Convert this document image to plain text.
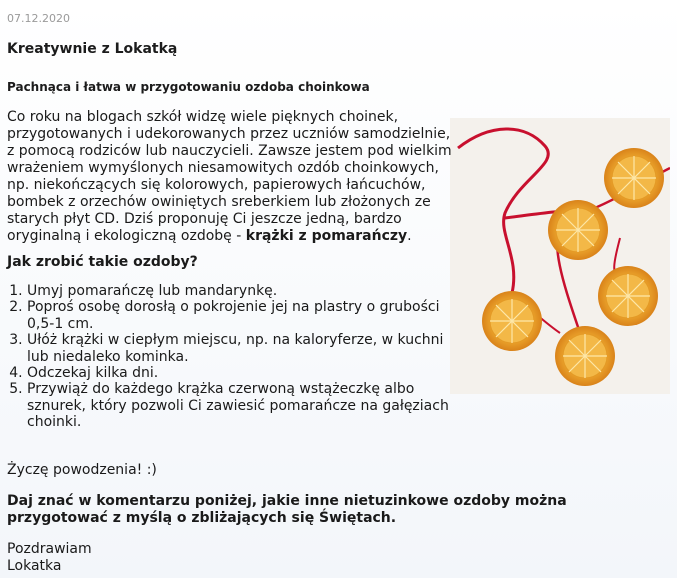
07.12.2020
Kreatywnie z Lokatką
Pachnąca i łatwa w przygotowaniu ozdoba choinkowa

Co roku na blogach szkół widzę wiele pięknych choinek, przygotowanych i udekorowanych przez uczniów samodzielnie, z pomocą rodziców lub nauczycieli. Zawsze jestem pod wielkim wrażeniem wymyślonych niesamowitych ozdób choinkowych, np. niekończących się kolorowych, papierowych łańcuchów, bombek z orzechów owiniętych sreberkiem lub złożonych ze starych płyt CD. Dziś proponuję Ci jeszcze jedną, bardzo oryginalną i ekologiczną ozdobę - krążki z pomarańczy.

Jak zrobić takie ozdoby?
1. Umyj pomarańczę lub mandarynkę.
2. Poproś osobę dorosłą o pokrojenie jej na plastry o grubości 0,5-1 cm.
3. Ułóż krążki w ciepłym miejscu, np. na kaloryferze, w kuchni lub niedaleko kominka.
4. Odczekaj kilka dni.
5. Przywiąż do każdego krążka czerwoną wstążeczkę albo sznurek, który pozwoli Ci zawiesić pomarańcze na gałęziach choinki.

Życzę powodzenia! :)

Daj znać w komentarzu poniżej, jakie inne nietuzinkowe ozdoby można przygotować z myślą o zbliżających się Świętach.

Pozdrawiam
Lokatka
